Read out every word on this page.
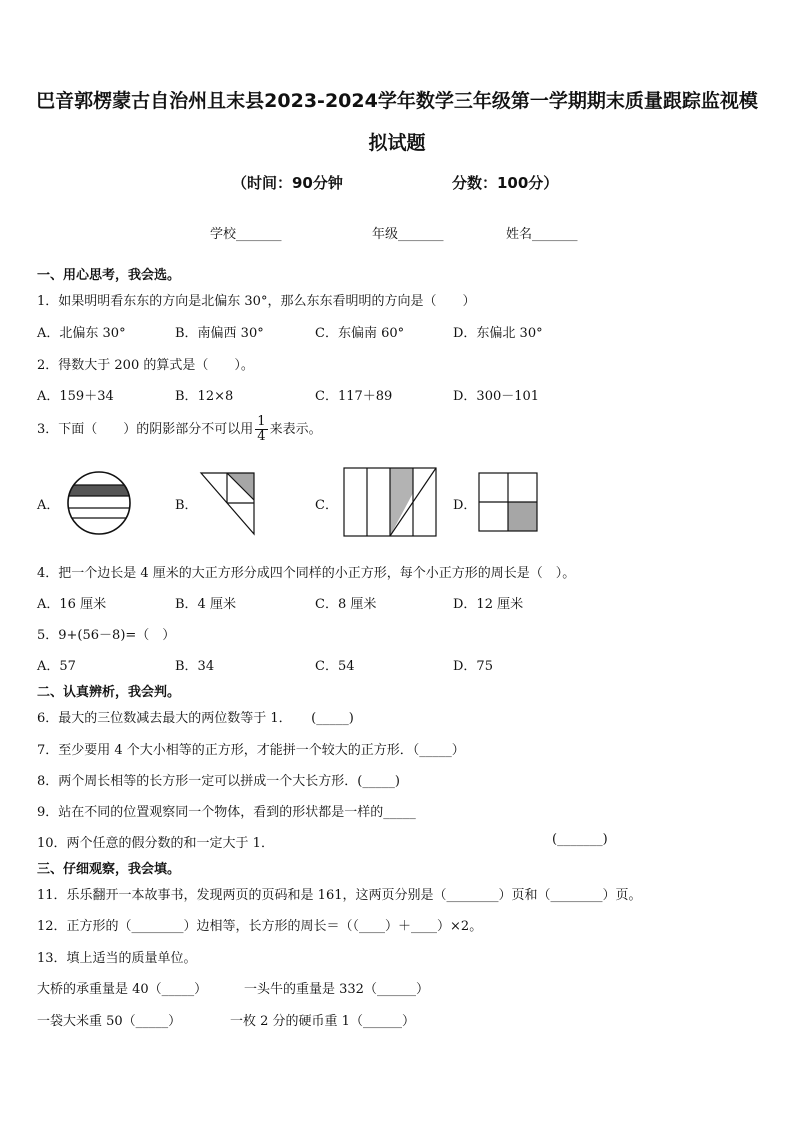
巴音郭楞蒙古自治州且末县2023-2024学年数学三年级第一学期期末质量跟踪监视模
拟试题
（时间：90分钟	分数：100分）
学校_______	年级_______	姓名_______
一、用心思考，我会选。
1．如果明明看东东的方向是北偏东 30°，那么东东看明明的方向是（　　）
A．北偏东 30°	B．南偏西 30°	C．东偏南 60°	D．东偏北 30°
2．得数大于 200 的算式是（　　）。
A．159＋34	B．12×8	C．117＋89	D．300－101
3．下面（　　）的阴影部分不可以用 $\frac{1}{4}$ 来表示。
A．	B．	C．	D．
4．把一个边长是 4 厘米的大正方形分成四个同样的小正方形，每个小正方形的周长是（　）。
A．16 厘米	B．4 厘米	C．8 厘米	D．12 厘米
5．9+(56－8)=（　）
A．57	B．34	C．54	D．75
二、认真辨析，我会判。
6．最大的三位数减去最大的两位数等于 1．　　(_____)
7．至少要用 4 个大小相等的正方形，才能拼一个较大的正方形．（_____）
8．两个周长相等的长方形一定可以拼成一个大长方形．(_____)
9．站在不同的位置观察同一个物体，看到的形状都是一样的_____
10．两个任意的假分数的和一定大于 1．	(_______)
三、仔细观察，我会填。
11．乐乐翻开一本故事书，发现两页的页码和是 161，这两页分别是（________）页和（________）页。
12．正方形的（________）边相等，长方形的周长＝（（____）＋____）×2。
13．填上适当的质量单位。
大桥的承重量是 40（_____）	一头牛的重量是 332（______）
一袋大米重 50（_____）	一枚 2 分的硬币重 1（______）
